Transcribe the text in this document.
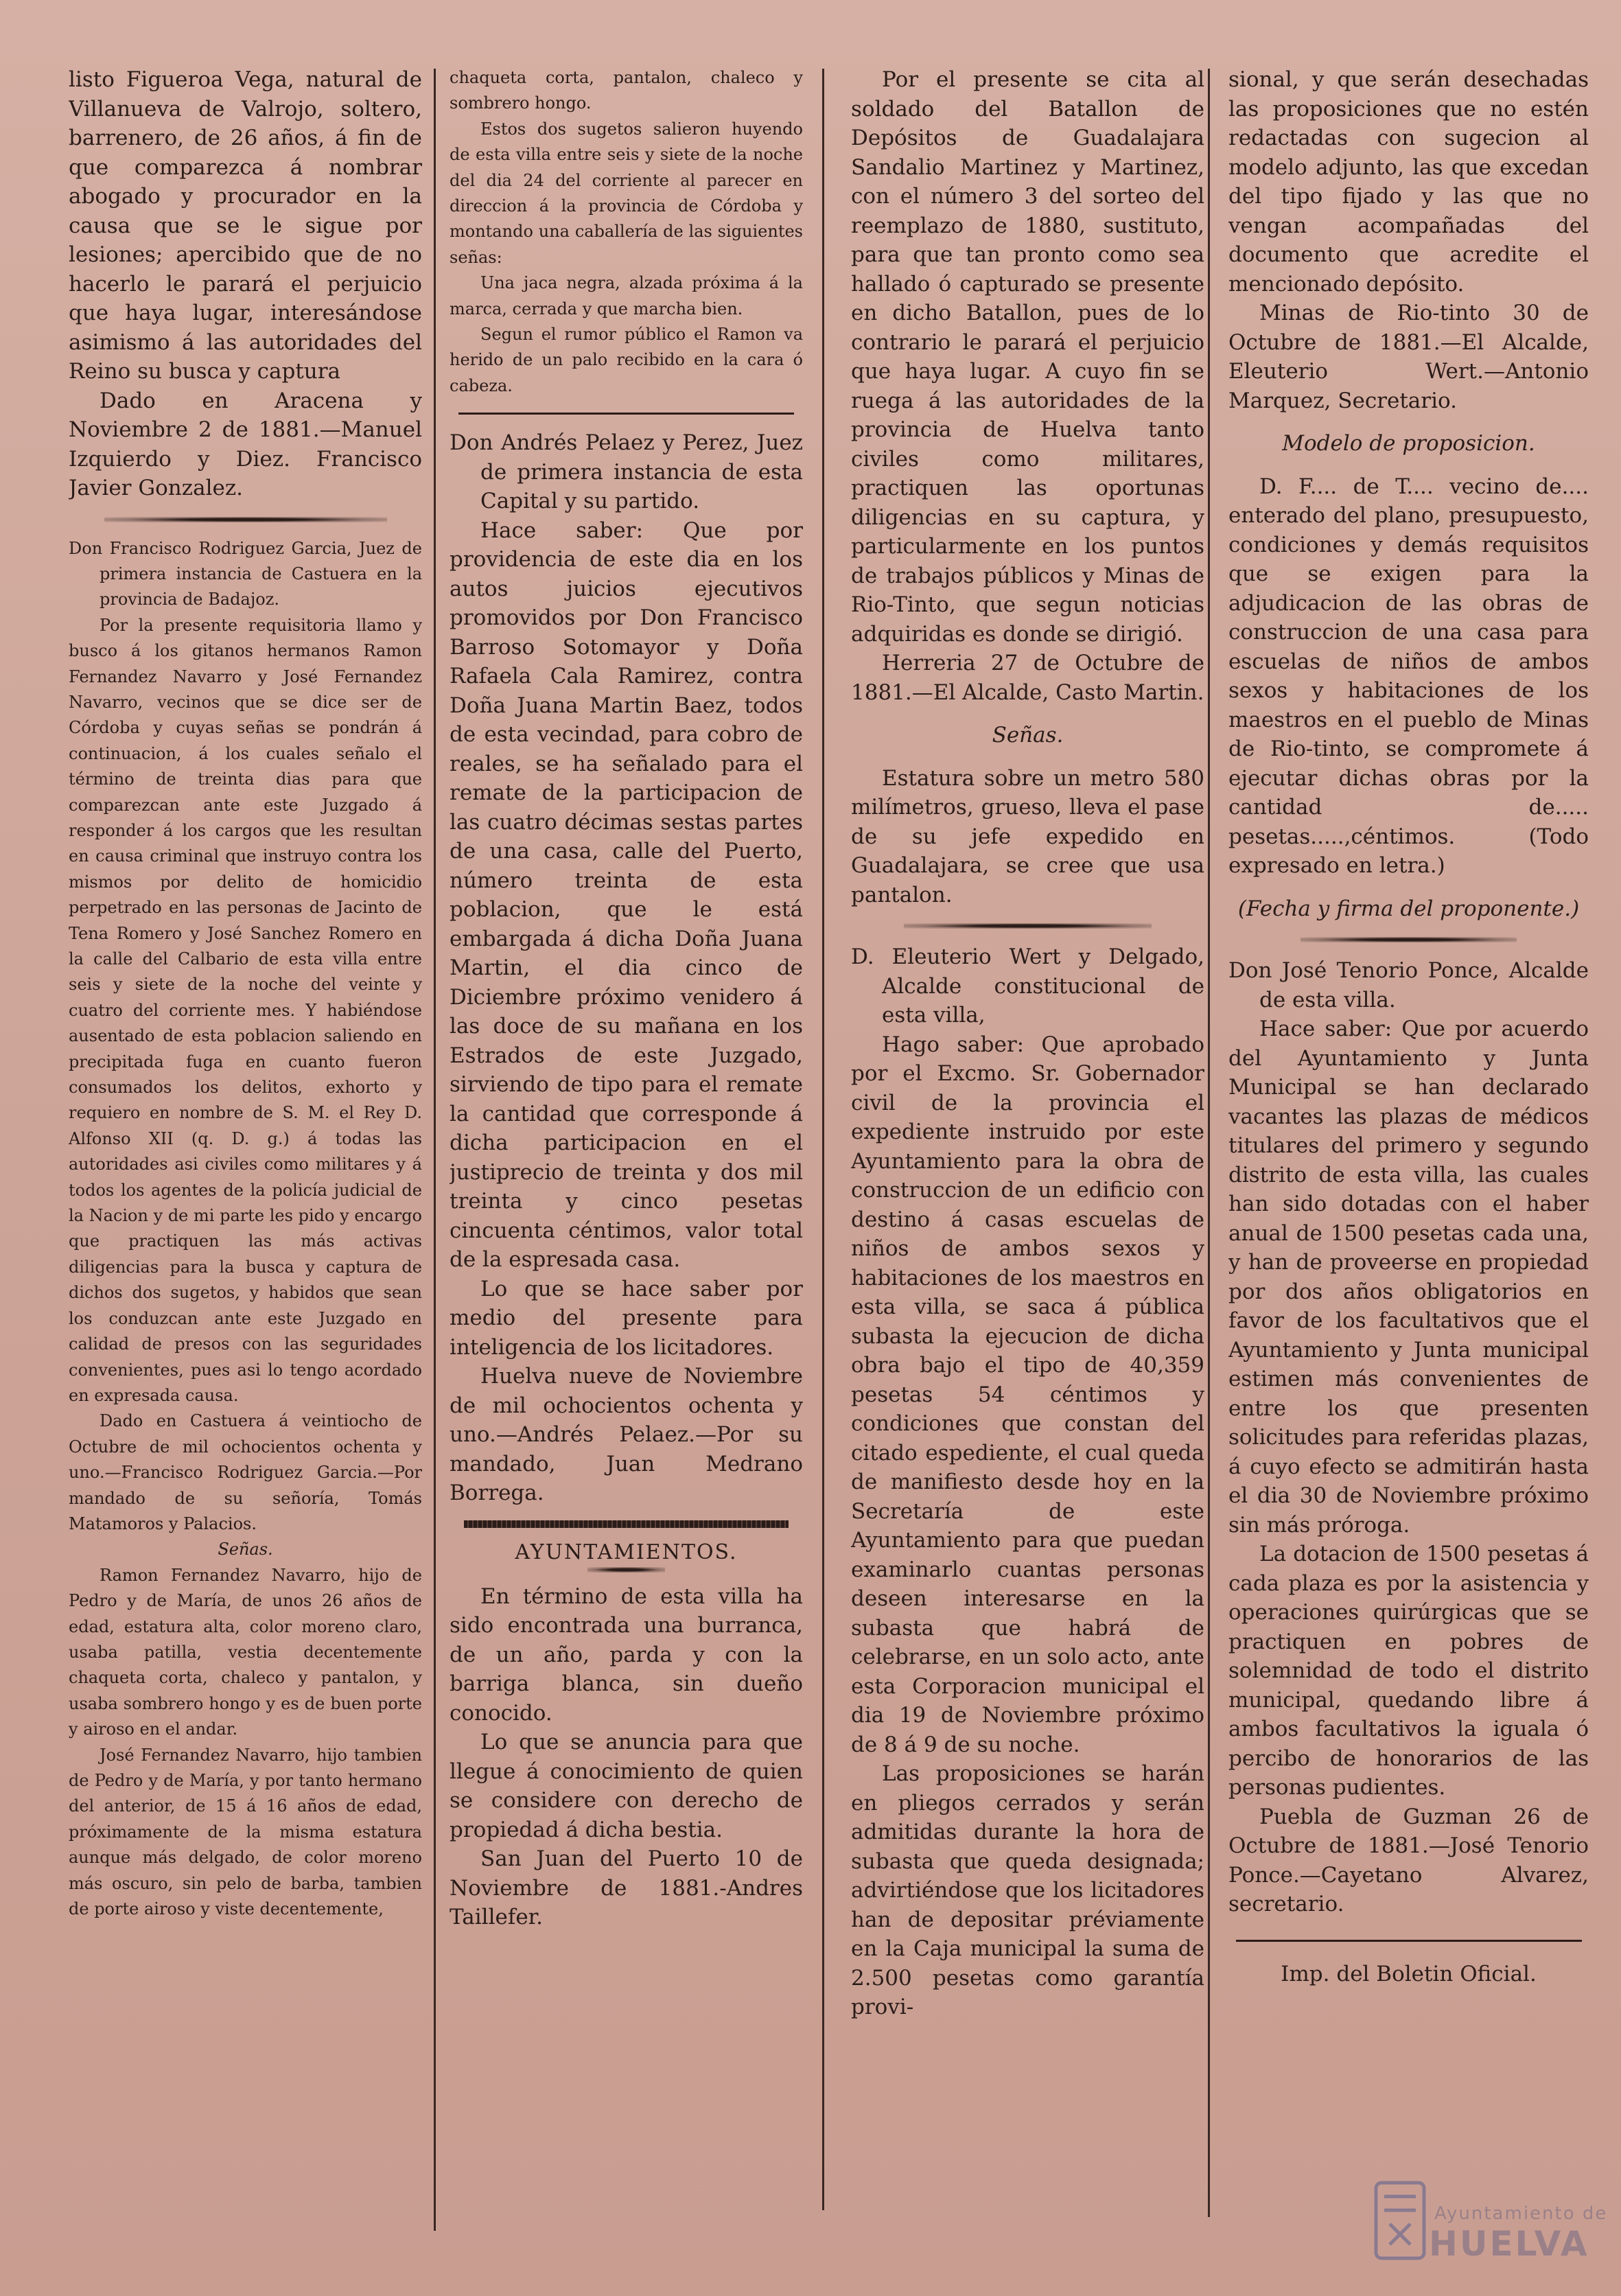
listo Figueroa Vega, natural de Villanueva de Valrojo, soltero, barrenero, de 26 años, á fin de que comparezca á nombrar abogado y procurador en la causa que se le sigue por lesiones; apercibido que de no hacerlo le parará el perjuicio que haya lugar, interesándose asimismo á las autoridades del Reino su busca y captura

Dado en Aracena y Noviembre 2 de 1881.—Manuel Izquierdo y Diez. Francisco Javier Gonzalez.

Don Francisco Rodriguez Garcia, Juez de primera instancia de Castuera en la provincia de Badajoz.

Por la presente requisitoria llamo y busco á los gitanos hermanos Ramon Fernandez Navarro y José Fernandez Navarro, vecinos que se dice ser de Córdoba y cuyas señas se pondrán á continuacion, á los cuales señalo el término de treinta dias para que comparezcan ante este Juzgado á responder á los cargos que les resultan en causa criminal que instruyo contra los mismos por delito de homicidio perpetrado en las personas de Jacinto de Tena Romero y José Sanchez Romero en la calle del Calbario de esta villa entre seis y siete de la noche del veinte y cuatro del corriente mes. Y habiéndose ausentado de esta poblacion saliendo en precipitada fuga en cuanto fueron consumados los delitos, exhorto y requiero en nombre de S. M. el Rey D. Alfonso XII (q. D. g.) á todas las autoridades asi civiles como militares y á todos los agentes de la policía judicial de la Nacion y de mi parte les pido y encargo que practiquen las más activas diligencias para la busca y captura de dichos dos sugetos, y habidos que sean los conduzcan ante este Juzgado en calidad de presos con las seguridades convenientes, pues asi lo tengo acordado en expresada causa.

Dado en Castuera á veintiocho de Octubre de mil ochocientos ochenta y uno.—Francisco Rodriguez Garcia.—Por mandado de su señoría, Tomás Matamoros y Palacios.

Señas.

Ramon Fernandez Navarro, hijo de Pedro y de María, de unos 26 años de edad, estatura alta, color moreno claro, usaba patilla, vestia decentemente chaqueta corta, chaleco y pantalon, y usaba sombrero hongo y es de buen porte y airoso en el andar.

José Fernandez Navarro, hijo tambien de Pedro y de María, y por tanto hermano del anterior, de 15 á 16 años de edad, próximamente de la misma estatura aunque más delgado, de color moreno más oscuro, sin pelo de barba, tambien de porte airoso y viste decentemente,

chaqueta corta, pantalon, chaleco y sombrero hongo.

Estos dos sugetos salieron huyendo de esta villa entre seis y siete de la noche del dia 24 del corriente al parecer en direccion á la provincia de Córdoba y montando una caballería de las siguientes señas:

Una jaca negra, alzada próxima á la marca, cerrada y que marcha bien.

Segun el rumor público el Ramon va herido de un palo recibido en la cara ó cabeza.

Don Andrés Pelaez y Perez, Juez de primera instancia de esta Capital y su partido.

Hace saber: Que por providencia de este dia en los autos juicios ejecutivos promovidos por Don Francisco Barroso Sotomayor y Doña Rafaela Cala Ramirez, contra Doña Juana Martin Baez, todos de esta vecindad, para cobro de reales, se ha señalado para el remate de la participacion de las cuatro décimas sestas partes de una casa, calle del Puerto, número treinta de esta poblacion, que le está embargada á dicha Doña Juana Martin, el dia cinco de Diciembre próximo venidero á las doce de su mañana en los Estrados de este Juzgado, sirviendo de tipo para el remate la cantidad que corresponde á dicha participacion en el justiprecio de treinta y dos mil treinta y cinco pesetas cincuenta céntimos, valor total de la espresada casa.

Lo que se hace saber por medio del presente para inteligencia de los licitadores.

Huelva nueve de Noviembre de mil ochocientos ochenta y uno.—Andrés Pelaez.—Por su mandado, Juan Medrano Borrega.

AYUNTAMIENTOS.

En término de esta villa ha sido encontrada una burranca, de un año, parda y con la barriga blanca, sin dueño conocido.

Lo que se anuncia para que llegue á conocimiento de quien se considere con derecho de propiedad á dicha bestia.

San Juan del Puerto 10 de Noviembre de 1881.-Andres Taillefer.

Por el presente se cita al soldado del Batallon de Depósitos de Guadalajara Sandalio Martinez y Martinez, con el número 3 del sorteo del reemplazo de 1880, sustituto, para que tan pronto como sea hallado ó capturado se presente en dicho Batallon, pues de lo contrario le parará el perjuicio que haya lugar. A cuyo fin se ruega á las autoridades de la provincia de Huelva tanto civiles como militares, practiquen las oportunas diligencias en su captura, y particularmente en los puntos de trabajos públicos y Minas de Rio-Tinto, que segun noticias adquiridas es donde se dirigió.

Herreria 27 de Octubre de 1881.—El Alcalde, Casto Martin.

Señas.

Estatura sobre un metro 580 milímetros, grueso, lleva el pase de su jefe expedido en Guadalajara, se cree que usa pantalon.

D. Eleuterio Wert y Delgado, Alcalde constitucional de esta villa,

Hago saber: Que aprobado por el Excmo. Sr. Gobernador civil de la provincia el expediente instruido por este Ayuntamiento para la obra de construccion de un edificio con destino á casas escuelas de niños de ambos sexos y habitaciones de los maestros en esta villa, se saca á pública subasta la ejecucion de dicha obra bajo el tipo de 40,359 pesetas 54 céntimos y condiciones que constan del citado espediente, el cual queda de manifiesto desde hoy en la Secretaría de este Ayuntamiento para que puedan examinarlo cuantas personas deseen interesarse en la subasta que habrá de celebrarse, en un solo acto, ante esta Corporacion municipal el dia 19 de Noviembre próximo de 8 á 9 de su noche.

Las proposiciones se harán en pliegos cerrados y serán admitidas durante la hora de subasta que queda designada; advirtiéndose que los licitadores han de depositar préviamente en la Caja municipal la suma de 2.500 pesetas como garantía provi-

sional, y que serán desechadas las proposiciones que no estén redactadas con sugecion al modelo adjunto, las que excedan del tipo fijado y las que no vengan acompañadas del documento que acredite el mencionado depósito.

Minas de Rio-tinto 30 de Octubre de 1881.—El Alcalde, Eleuterio Wert.—Antonio Marquez, Secretario.

Modelo de proposicion.

D. F.... de T.... vecino de.... enterado del plano, presupuesto, condiciones y demás requisitos que se exigen para la adjudicacion de las obras de construccion de una casa para escuelas de niños de ambos sexos y habitaciones de los maestros en el pueblo de Minas de Rio-tinto, se compromete á ejecutar dichas obras por la cantidad de..... pesetas.....,céntimos. (Todo expresado en letra.)

(Fecha y firma del proponente.)

Don José Tenorio Ponce, Alcalde de esta villa.

Hace saber: Que por acuerdo del Ayuntamiento y Junta Municipal se han declarado vacantes las plazas de médicos titulares del primero y segundo distrito de esta villa, las cuales han sido dotadas con el haber anual de 1500 pesetas cada una, y han de proveerse en propiedad por dos años obligatorios en favor de los facultativos que el Ayuntamiento y Junta municipal estimen más convenientes de entre los que presenten solicitudes para referidas plazas, á cuyo efecto se admitirán hasta el dia 30 de Noviembre próximo sin más próroga.

La dotacion de 1500 pesetas á cada plaza es por la asistencia y operaciones quirúrgicas que se practiquen en pobres de solemnidad de todo el distrito municipal, quedando libre á ambos facultativos la iguala ó percibo de honorarios de las personas pudientes.

Puebla de Guzman 26 de Octubre de 1881.—José Tenorio Ponce.—Cayetano Alvarez, secretario.

Imp. del Boletin Oficial.

Ayuntamiento de
HUELVA
